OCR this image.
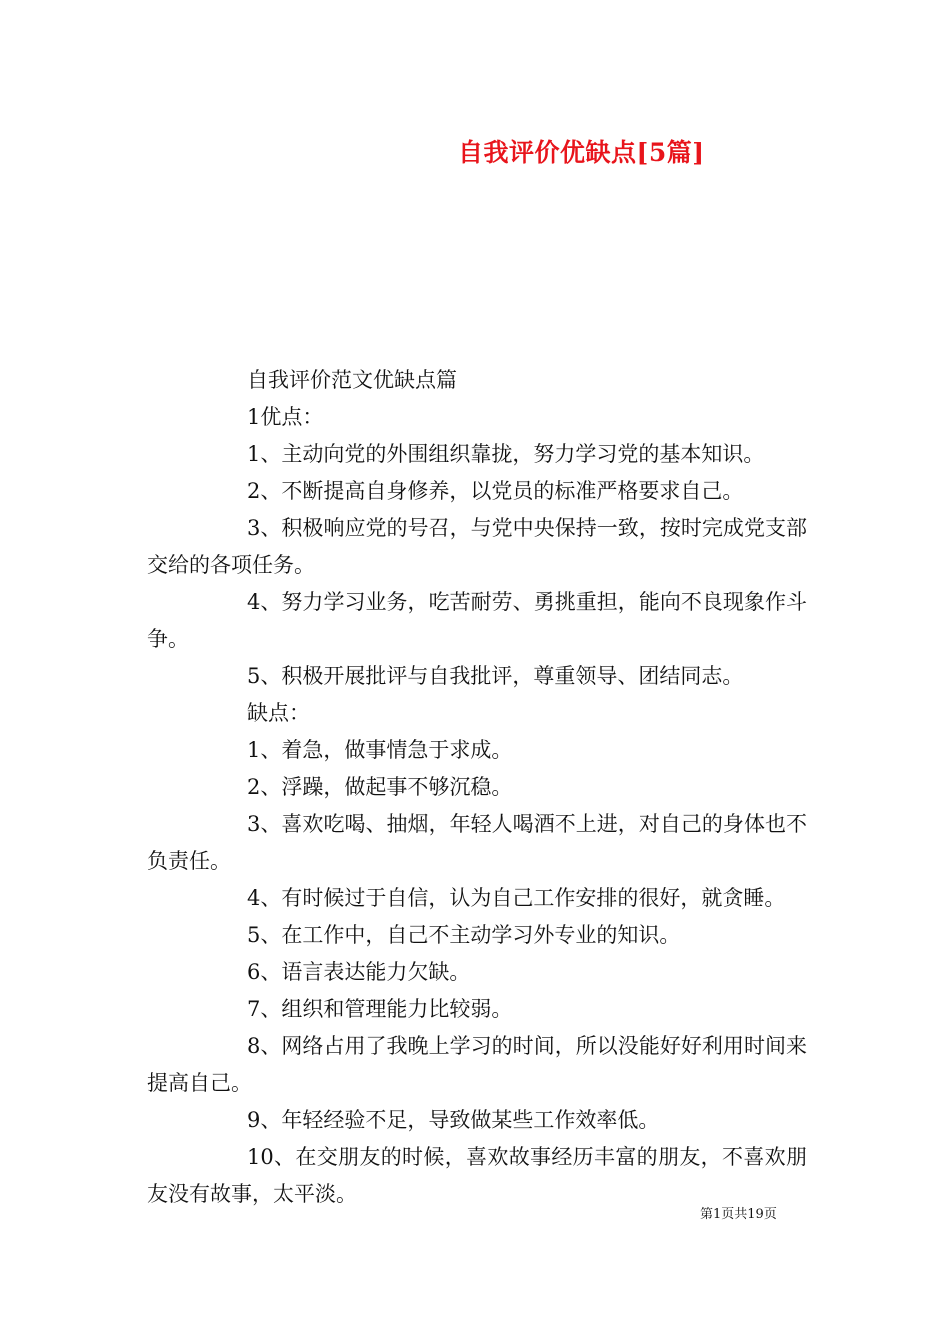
自我评价优缺点[5篇]

自我评价范文优缺点篇

1优点：

1、主动向党的外围组织靠拢，努力学习党的基本知识。

2、不断提高自身修养，以党员的标准严格要求自己。

3、积极响应党的号召，与党中央保持一致，按时完成党支部交给的各项任务。

4、努力学习业务，吃苦耐劳、勇挑重担，能向不良现象作斗争。

5、积极开展批评与自我批评，尊重领导、团结同志。

缺点：

1、着急，做事情急于求成。

2、浮躁，做起事不够沉稳。

3、喜欢吃喝、抽烟，年轻人喝酒不上进，对自己的身体也不负责任。

4、有时候过于自信，认为自己工作安排的很好，就贪睡。

5、在工作中，自己不主动学习外专业的知识。

6、语言表达能力欠缺。

7、组织和管理能力比较弱。

8、网络占用了我晚上学习的时间，所以没能好好利用时间来提高自己。

9、年轻经验不足，导致做某些工作效率低。

10、在交朋友的时候，喜欢故事经历丰富的朋友，不喜欢朋友没有故事，太平淡。

第1页共19页
